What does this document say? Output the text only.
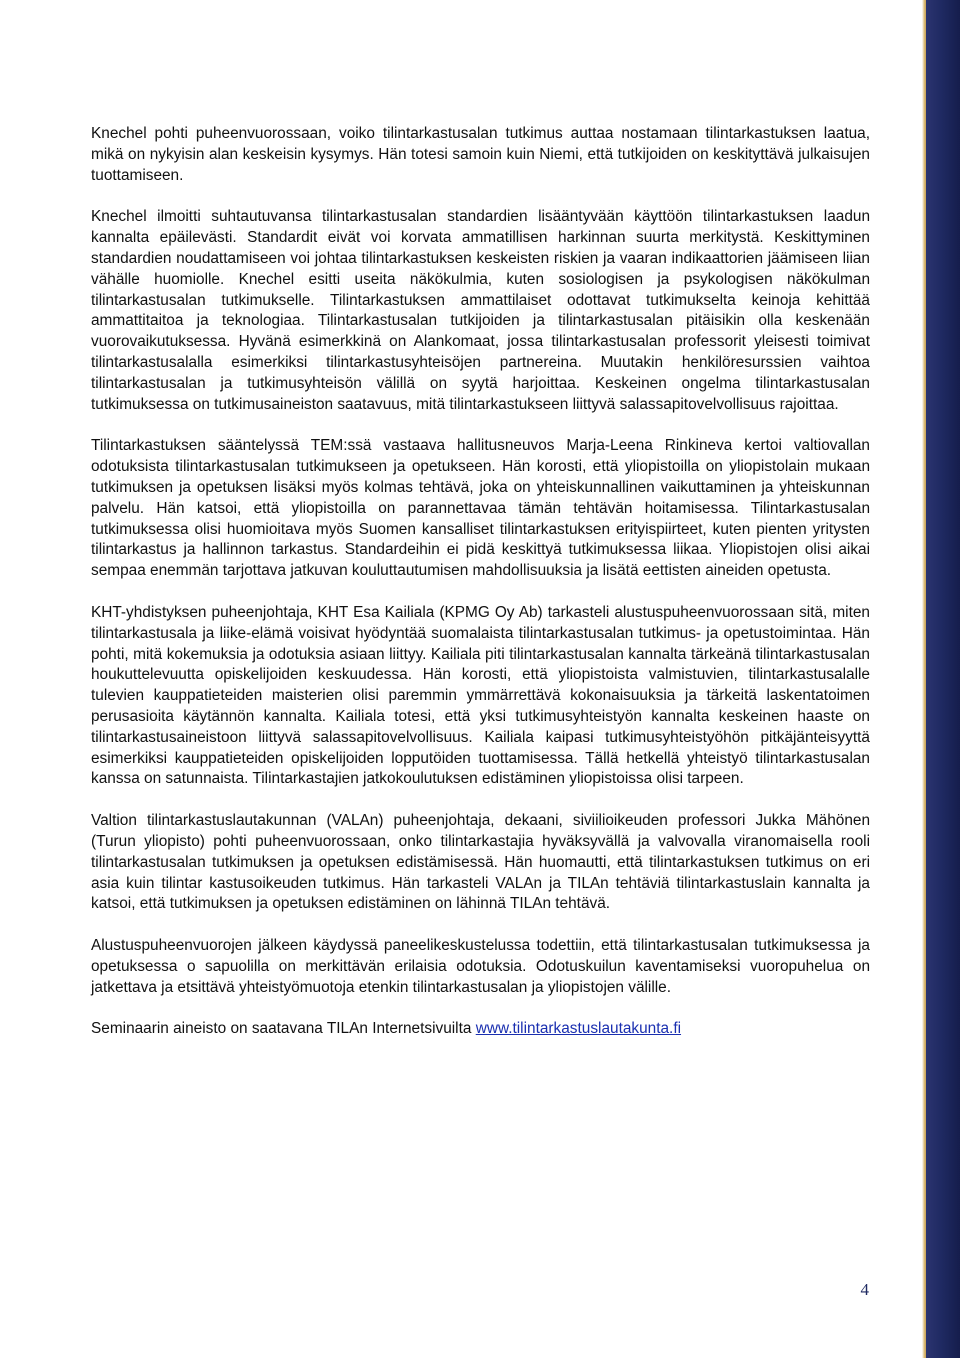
Knechel pohti puheenvuorossaan, voiko tilintarkastusalan tutkimus auttaa nostamaan tilintarkastuksen laatua, mikä on nykyisin alan keskeisin kysymys. Hän totesi samoin kuin Niemi, että tutkijoiden on keskityttävä julkaisujen tuottamiseen.

Knechel ilmoitti suhtautuvansa tilintarkastusalan standardien lisääntyvään käyttöön tilintarkastuksen laadun kannalta epäilevästi. Standardit eivät voi korvata ammatillisen harkinnan suurta merkitystä. Keskittyminen standardien noudattamiseen voi johtaa tilintarkastuksen keskeisten riskien ja vaaran indikaattorien jäämiseen liian vähälle huomiolle. Knechel esitti useita näkökulmia, kuten sosiologisen ja psykologisen näkökulman tilintarkastusalan tutkimukselle. Tilintarkastuksen ammattilaiset odottavat tutkimukselta keinoja kehittää ammattitaitoa ja teknologiaa. Tilintarkastusalan tutkijoiden ja tilintarkastusalan pitäisikin olla keskenään vuorovaikutuksessa. Hyvänä esimerkkinä on Alankomaat, jossa tilintarkastusalan professorit yleisesti toimivat tilintarkastusalalla esimerkiksi tilintarkastusyhteisöjen partnereina. Muutakin henkilöresurssien vaihtoa tilintarkastusalan ja tutkimusyhteisön välillä on syytä harjoittaa. Keskeinen ongelma tilintarkastusalan tutkimuksessa on tutkimusaineiston saatavuus, mitä tilintarkastukseen liittyvä salassapitovelvollisuus rajoittaa.

Tilintarkastuksen sääntelyssä TEM:ssä vastaava hallitusneuvos Marja-Leena Rinkineva kertoi valtiovallan odotuksista tilintarkastusalan tutkimukseen ja opetukseen. Hän korosti, että yliopistoilla on yliopistolain mukaan tutkimuksen ja opetuksen lisäksi myös kolmas tehtävä, joka on yhteiskunnallinen vaikuttaminen ja yhteiskunnan palvelu. Hän katsoi, että yliopistoilla on parannettavaa tämän tehtävän hoitamisessa. Tilintarkastusalan tutkimuksessa olisi huomioitava myös Suomen kansalliset tilintarkastuksen erityispiirteet, kuten pienten yritysten tilintarkastus ja hallinnon tarkastus. Standardeihin ei pidä keskittyä tutkimuksessa liikaa. Yliopistojen olisi aikai sempaa enemmän tarjottava jatkuvan kouluttautumisen mahdollisuuksia ja lisätä eettisten aineiden opetusta.

KHT-yhdistyksen puheenjohtaja, KHT Esa Kailiala (KPMG Oy Ab) tarkasteli alustuspuheenvuorossaan sitä, miten tilintarkastusala ja liike-elämä voisivat hyödyntää suomalaista tilintarkastusalan tutkimus- ja opetustoimintaa. Hän pohti, mitä kokemuksia ja odotuksia asiaan liittyy. Kailiala piti tilintarkastusalan kannalta tärkeänä tilintarkastusalan houkuttelevuutta opiskelijoiden keskuudessa. Hän korosti, että yliopistoista valmistuvien, tilintarkastusalalle tulevien kauppatieteiden maisterien olisi paremmin ymmärrettävä kokonaisuuksia ja tärkeitä laskentatoimen perusasioita käytännön kannalta. Kailiala totesi, että yksi tutkimusyhteistyön kannalta keskeinen haaste on tilintarkastusaineistoon liittyvä salassapitovelvollisuus. Kailiala kaipasi tutkimusyhteistyöhön pitkäjänteisyyttä esimerkiksi kauppatieteiden opiskelijoiden lopputöiden tuottamisessa. Tällä hetkellä yhteistyö tilintarkastusalan kanssa on satunnaista. Tilintarkastajien jatkokoulutuksen edistäminen yliopistoissa olisi tarpeen.

Valtion tilintarkastuslautakunnan (VALAn) puheenjohtaja, dekaani, siviilioikeuden professori Jukka Mähönen (Turun yliopisto) pohti puheenvuorossaan, onko tilintarkastajia hyväksyvällä ja valvovalla viranomaisella rooli tilintarkastusalan tutkimuksen ja opetuksen edistämisessä. Hän huomautti, että tilintarkastuksen tutkimus on eri asia kuin tilintar kastusoikeuden tutkimus. Hän tarkasteli VALAn ja TILAn tehtäviä tilintarkastuslain kannalta ja katsoi, että tutkimuksen ja opetuksen edistäminen on lähinnä TILAn tehtävä.

Alustuspuheenvuorojen jälkeen käydyssä paneelikeskustelussa todettiin, että tilintarkastusalan tutkimuksessa ja opetuksessa o sapuolilla on merkittävän erilaisia odotuksia. Odotuskuilun kaventamiseksi vuoropuhelua on jatkettava ja etsittävä yhteistyömuotoja etenkin tilintarkastusalan ja yliopistojen välille.

Seminaarin aineisto on saatavana TILAn Internetsivuilta www.tilintarkastuslautakunta.fi

4
